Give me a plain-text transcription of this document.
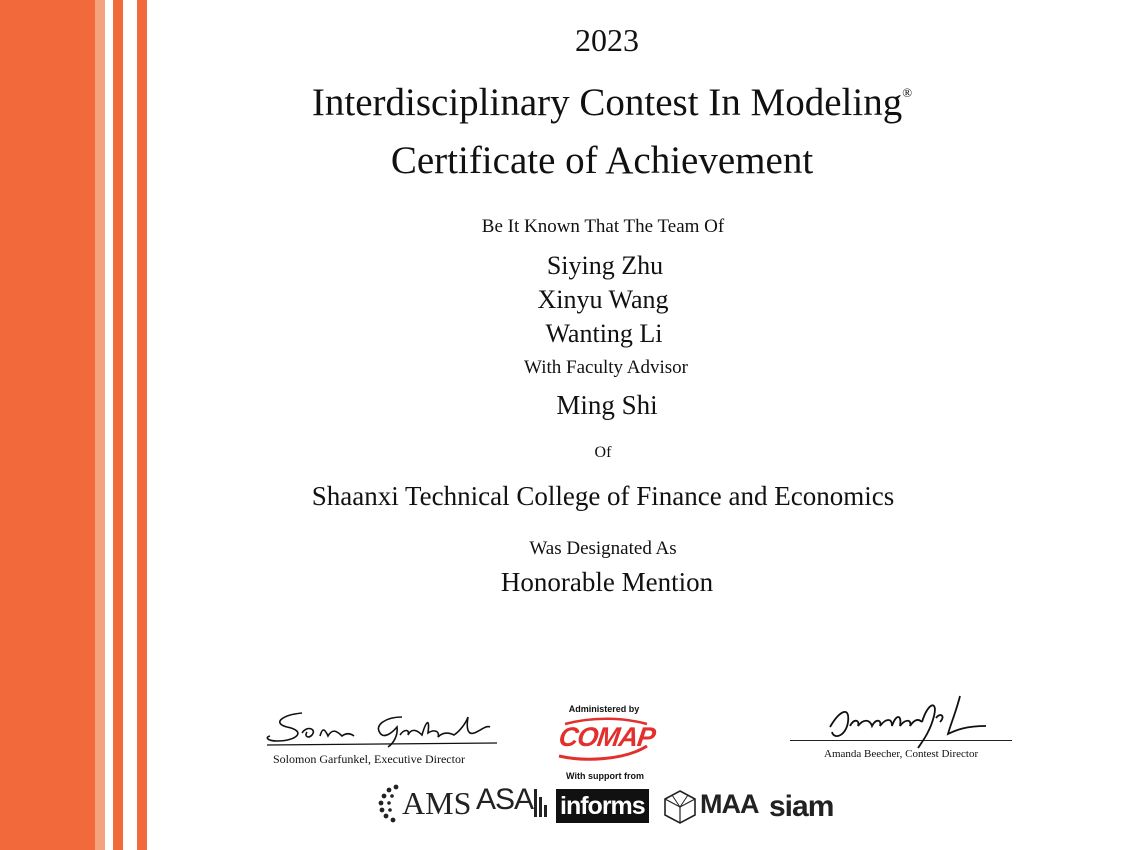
2023
Interdisciplinary Contest In Modeling®
Certificate of Achievement
Be It Known That The Team Of
Siying Zhu
Xinyu Wang
Wanting Li
With Faculty Advisor
Ming Shi
Of
Shaanxi Technical College of Finance and Economics
Was Designated As
Honorable Mention
Solomon Garfunkel, Executive Director	Amanda Beecher, Contest Director
Administered by
COMAP
With support from
AMS ASA informs MAA siam
